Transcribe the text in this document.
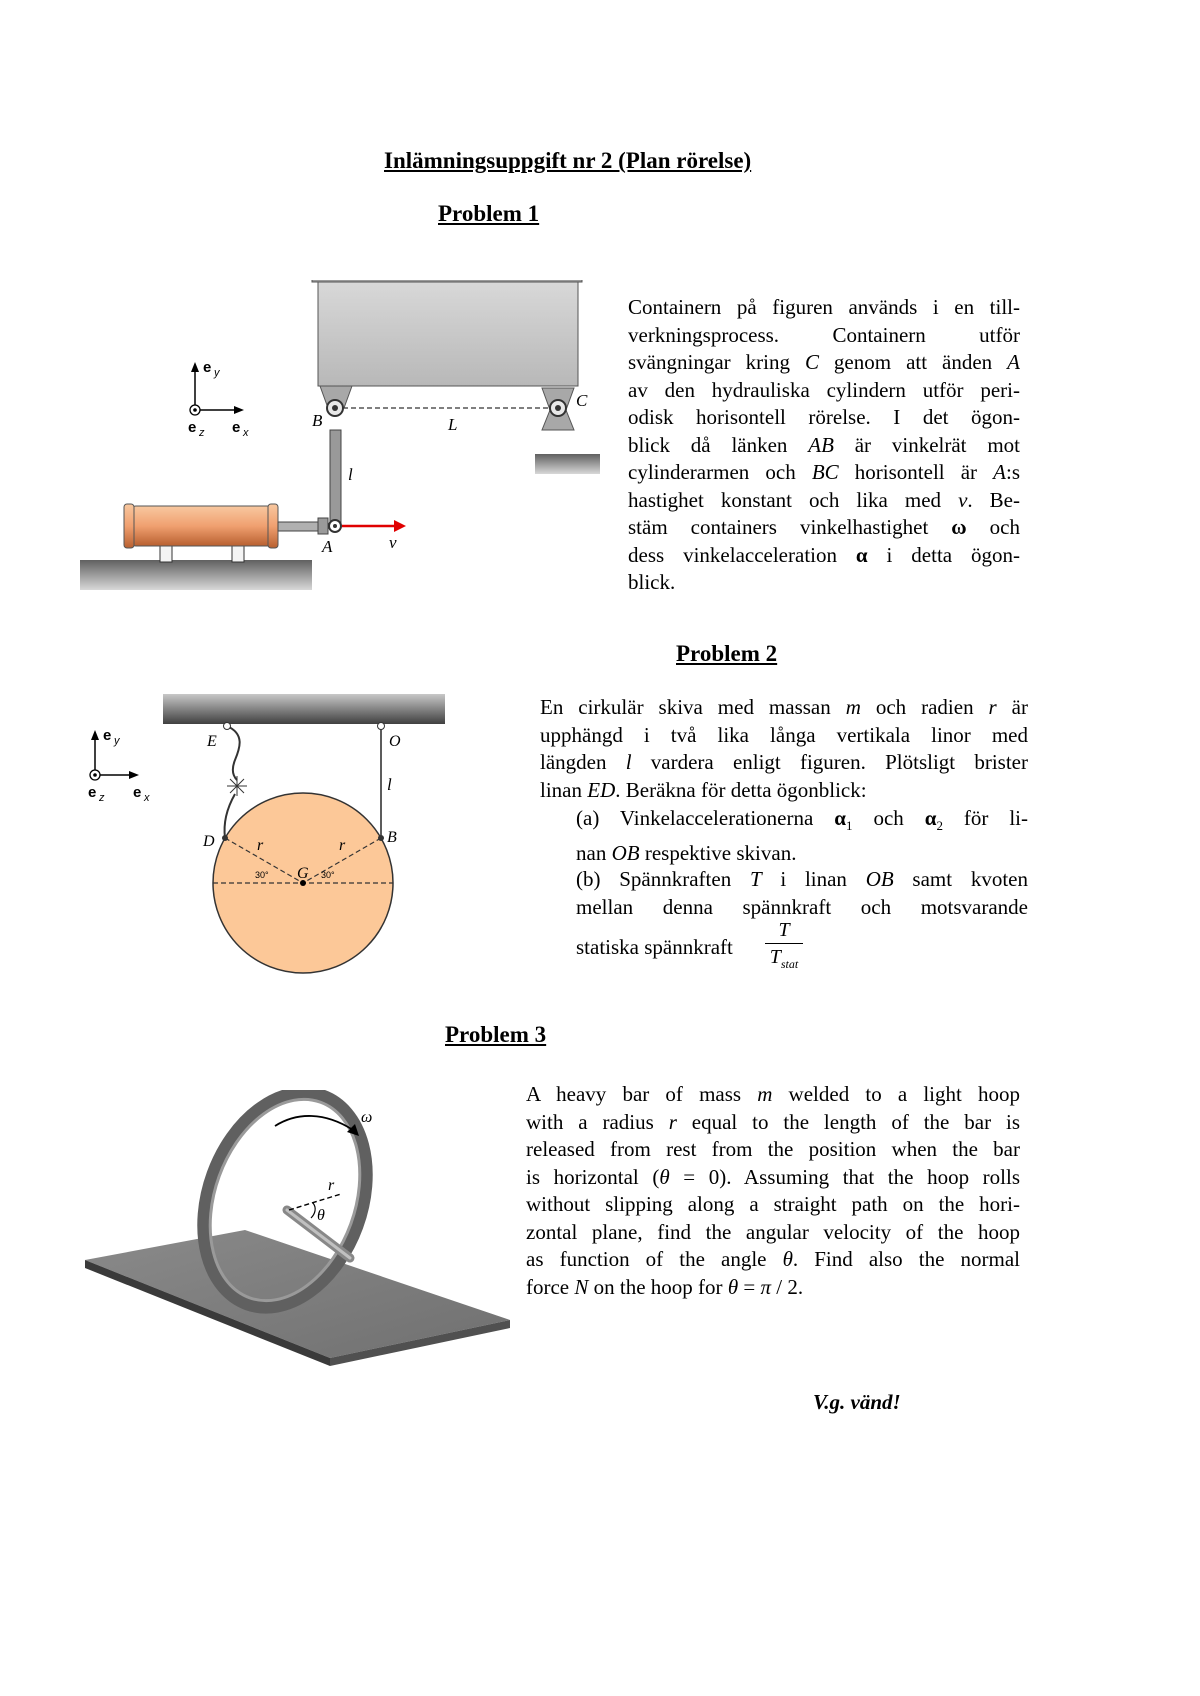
Inlämningsuppgift nr 2 (Plan rörelse)
Problem 1
e y
e z e x
B
C
L
l
A	v
Containern på figuren används i en till-
verkningsprocess. Containern utför
svängningar kring C genom att änden A
av den hydrauliska cylindern utför peri-
odisk horisontell rörelse. I det ögon-
blick då länken AB är vinkelrät mot
cylinderarmen och BC horisontell är A:s
hastighet konstant och lika med v. Be-
stäm containers vinkelhastighet ω och
dess vinkelacceleration α i detta ögon-
blick.
Problem 2
e y
e z e x
E	O
l
D	B
r	r
G
30°	30°
En cirkulär skiva med massan m och radien r är
upphängd i två lika långa vertikala linor med
längden l vardera enligt figuren. Plötsligt brister
linan ED. Beräkna för detta ögonblick:
(a) Vinkelaccelerationerna $\alpha_1$ och $\alpha_2$ för li-
nan OB respektive skivan.
(b) Spännkraften T i linan OB samt kvoten
mellan denna spännkraft och motsvarande
statiska spännkraft
T
$T_{stat}$
Problem 3
ω
r
θ
A heavy bar of mass m welded to a light hoop
with a radius r equal to the length of the bar is
released from rest from the position when the bar
is horizontal (θ = 0). Assuming that the hoop rolls
without slipping along a straight path on the hori-
zontal plane, find the angular velocity of the hoop
as function of the angle θ. Find also the normal
force N on the hoop for θ = π / 2.
V.g. vänd!
